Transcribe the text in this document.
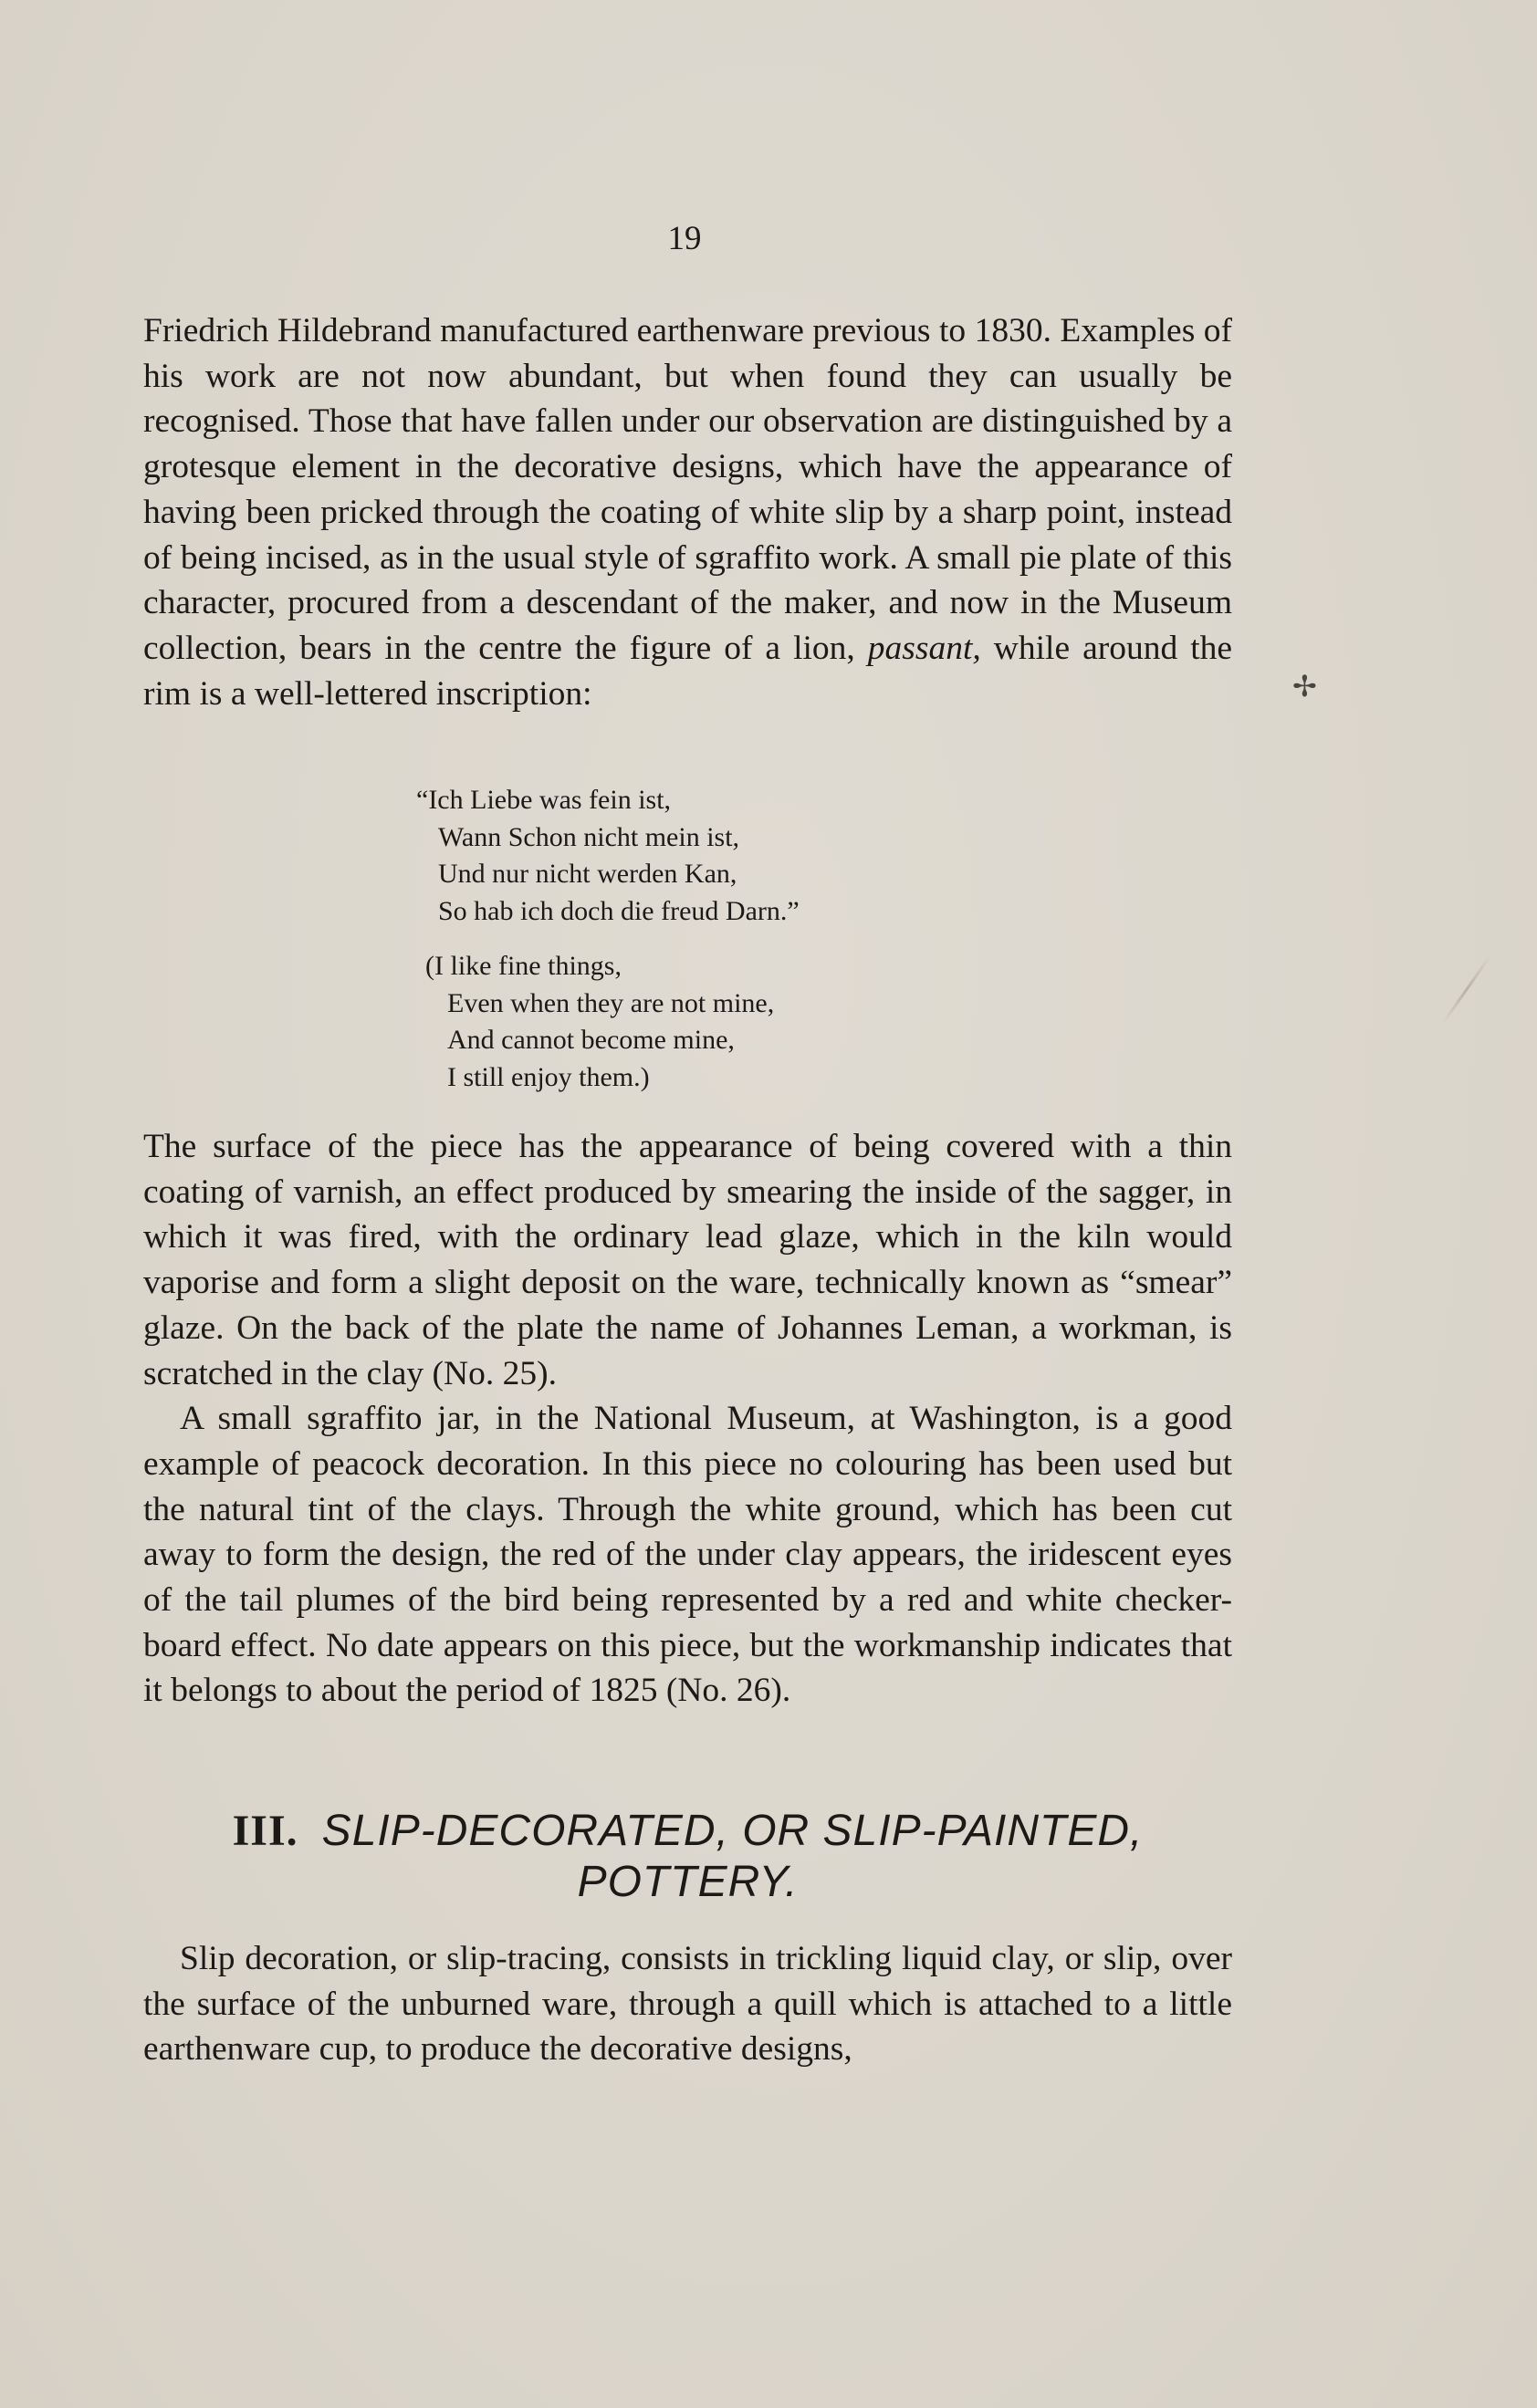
19

Friedrich Hildebrand manufactured earthenware previous to 1830. Examples of his work are not now abundant, but when found they can usually be recognised. Those that have fallen under our observation are distinguished by a grotesque element in the decorative designs, which have the appearance of having been pricked through the coating of white slip by a sharp point, instead of being incised, as in the usual style of sgraffito work. A small pie plate of this character, procured from a descendant of the maker, and now in the Museum collection, bears in the centre the figure of a lion, passant, while around the rim is a well-lettered inscription:

“Ich Liebe was fein ist,
Wann Schon nicht mein ist,
Und nur nicht werden Kan,
So hab ich doch die freud Darn.”
(I like fine things,
Even when they are not mine,
And cannot become mine,
I still enjoy them.)

The surface of the piece has the appearance of being covered with a thin coating of varnish, an effect produced by smearing the inside of the sagger, in which it was fired, with the ordinary lead glaze, which in the kiln would vaporise and form a slight deposit on the ware, technically known as “smear” glaze. On the back of the plate the name of Johannes Leman, a workman, is scratched in the clay (No. 25).

A small sgraffito jar, in the National Museum, at Washington, is a good example of peacock decoration. In this piece no colouring has been used but the natural tint of the clays. Through the white ground, which has been cut away to form the design, the red of the under clay appears, the iridescent eyes of the tail plumes of the bird being represented by a red and white checker-board effect. No date appears on this piece, but the workmanship indicates that it belongs to about the period of 1825 (No. 26).

III. SLIP-DECORATED, OR SLIP-PAINTED,
POTTERY.

Slip decoration, or slip-tracing, consists in trickling liquid clay, or slip, over the surface of the unburned ware, through a quill which is attached to a little earthenware cup, to produce the decorative designs,

✢
